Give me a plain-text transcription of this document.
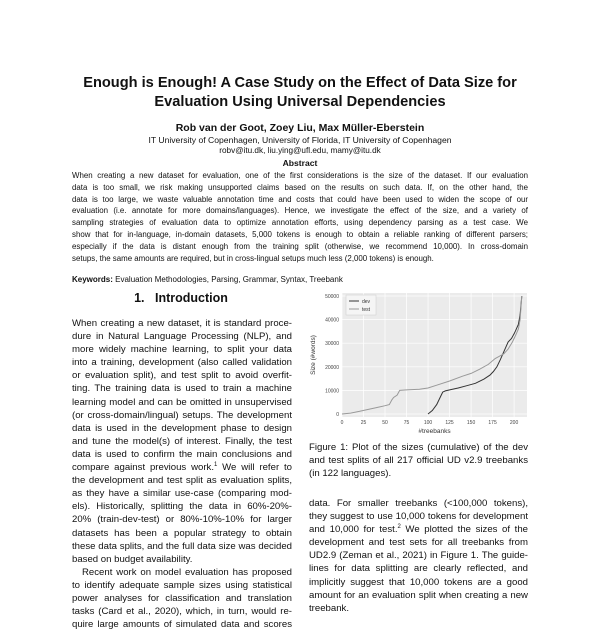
Enough is Enough! A Case Study on the Effect of Data Size for
Evaluation Using Universal Dependencies
Rob van der Goot, Zoey Liu, Max Müller-Eberstein
IT University of Copenhagen, University of Florida, IT University of Copenhagen
robv@itu.dk, liu.ying@ufl.edu, mamy@itu.dk
Abstract
When creating a new dataset for evaluation, one of the first considerations is the size of the dataset. If our evaluation
data is too small, we risk making unsupported claims based on the results on such data. If, on the other hand, the
data is too large, we waste valuable annotation time and costs that could have been used to widen the scope of our
evaluation (i.e. annotate for more domains/languages). Hence, we investigate the effect of the size, and a variety of
sampling strategies of evaluation data to optimize annotation efforts, using dependency parsing as a test case. We
show that for in-language, in-domain datasets, 5,000 tokens is enough to obtain a reliable ranking of different parsers;
especially if the data is distant enough from the training split (otherwise, we recommend 10,000). In cross-domain
setups, the same amounts are required, but in cross-lingual setups much less (2,000 tokens) is enough.
Keywords: Evaluation Methodologies, Parsing, Grammar, Syntax, Treebank
1. Introduction
When creating a new dataset, it is standard proce-
dure in Natural Language Processing (NLP), and
more widely machine learning, to split your data
into a training, development (also called validation
or evaluation split), and test split to avoid overfit-
ting. The training data is used to train a machine
learning model and can be omitted in unsupervised
(or cross-domain/lingual) setups. The development
data is used in the development phase to design
and tune the model(s) of interest. Finally, the test
data is used to confirm the main conclusions and
compare against previous work.$^1$ We will refer to
the development and test split as evaluation splits,
as they have a similar use-case (comparing mod-
els). Historically, splitting the data in 60%-20%-
20% (train-dev-test) or 80%-10%-10% for larger
datasets has been a popular strategy to obtain
these data splits, and the full data size was decided
based on budget availability.
Recent work on model evaluation has proposed
to identify adequate sample sizes using statistical
power analyses for classification and translation
tasks (Card et al., 2020), which, in turn, would re-
quire large amounts of simulated data and scores
0	25	50	75	100	125	150	175	200
0
10000
20000
30000
40000
50000
dev
test
#treebanks
Size (#words)
Figure 1: Plot of the sizes (cumulative) of the dev
and test splits of all 217 official UD v2.9 treebanks
(in 122 languages).
data. For smaller treebanks (<100,000 tokens),
they suggest to use 10,000 tokens for development
and 10,000 for test.$^2$ We plotted the sizes of the
development and test sets for all treebanks from
UD2.9 (Zeman et al., 2021) in Figure 1. The guide-
lines for data splitting are clearly reflected, and
implicitly suggest that 10,000 tokens are a good
amount for an evaluation split when creating a new
treebank.
